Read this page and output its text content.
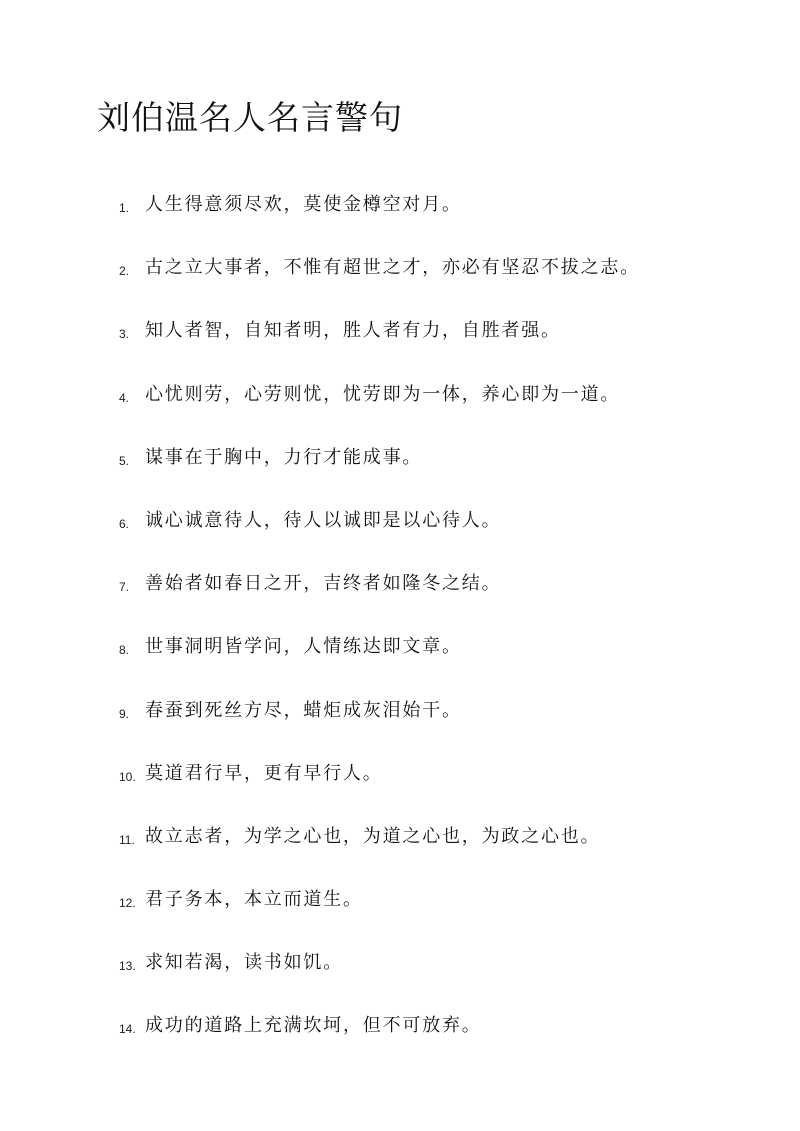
刘伯温名人名言警句
1. 人生得意须尽欢，莫使金樽空对月。
2. 古之立大事者，不惟有超世之才，亦必有坚忍不拔之志。
3. 知人者智，自知者明，胜人者有力，自胜者强。
4. 心忧则劳，心劳则忧，忧劳即为一体，养心即为一道。
5. 谋事在于胸中，力行才能成事。
6. 诚心诚意待人，待人以诚即是以心待人。
7. 善始者如春日之开，吉终者如隆冬之结。
8. 世事洞明皆学问，人情练达即文章。
9. 春蚕到死丝方尽，蜡炬成灰泪始干。
10. 莫道君行早，更有早行人。
11. 故立志者，为学之心也，为道之心也，为政之心也。
12. 君子务本，本立而道生。
13. 求知若渴，读书如饥。
14. 成功的道路上充满坎坷，但不可放弃。
